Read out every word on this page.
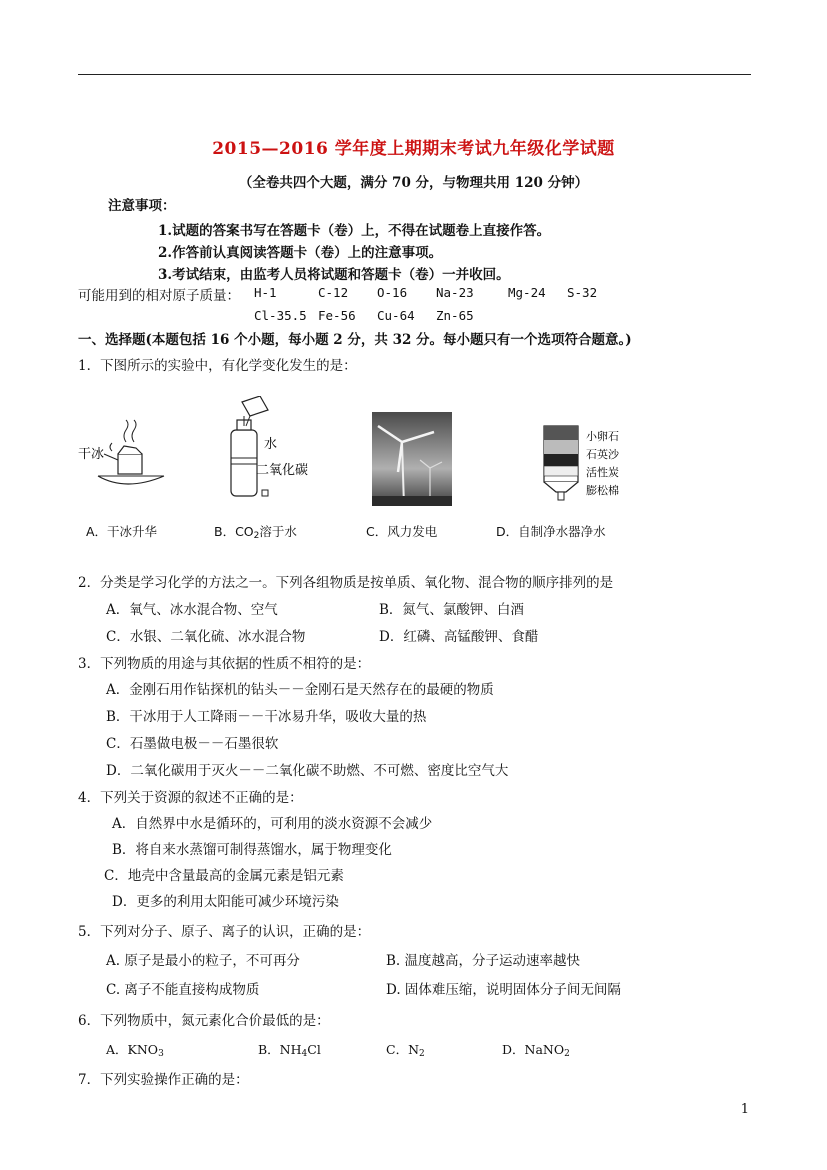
2015—2016 学年度上期期末考试九年级化学试题
（全卷共四个大题，满分 70 分，与物理共用 120 分钟）
注意事项：
1.试题的答案书写在答题卡（卷）上，不得在试题卷上直接作答。
2.作答前认真阅读答题卡（卷）上的注意事项。
3.考试结束，由监考人员将试题和答题卡（卷）一并收回。
可能用到的相对原子质量： H-1	C-12 O-16 Na-23	Mg-24 S-32
Cl-35.5 Fe-56 Cu-64 Zn-65
一、选择题(本题包括 16 个小题，每小题 2 分，共 32 分。每小题只有一个选项符合题意。)
1．下图所示的实验中，有化学变化发生的是：
干冰
水
二氧化碳
小卵石
石英沙
活性炭
膨松棉
A．干冰升华	B．$CO_2$溶于水	C．风力发电	D．自制净水器净水
2．分类是学习化学的方法之一。下列各组物质是按单质、氧化物、混合物的顺序排列的是
A．氧气、冰水混合物、空气	B．氮气、氯酸钾、白酒
C．水银、二氧化硫、冰水混合物	D．红磷、高锰酸钾、食醋
3．下列物质的用途与其依据的性质不相符的是：
A．金刚石用作钻探机的钻头－－金刚石是天然存在的最硬的物质
B．干冰用于人工降雨－－干冰易升华，吸收大量的热
C．石墨做电极－－石墨很软
D．二氧化碳用于灭火－－二氧化碳不助燃、不可燃、密度比空气大
4．下列关于资源的叙述不正确的是：
A．自然界中水是循环的，可利用的淡水资源不会减少
B．将自来水蒸馏可制得蒸馏水，属于物理变化
C．地壳中含量最高的金属元素是铝元素
D．更多的利用太阳能可减少环境污染
5．下列对分子、原子、离子的认识，正确的是：
A. 原子是最小的粒子，不可再分	B. 温度越高，分子运动速率越快
C. 离子不能直接构成物质	D. 固体难压缩，说明固体分子间无间隔
6．下列物质中，氮元素化合价最低的是：
A．$KNO_3$	B．$NH_4Cl$	C．$N_2$	D．NaNO$_2$
7．下列实验操作正确的是：
1
